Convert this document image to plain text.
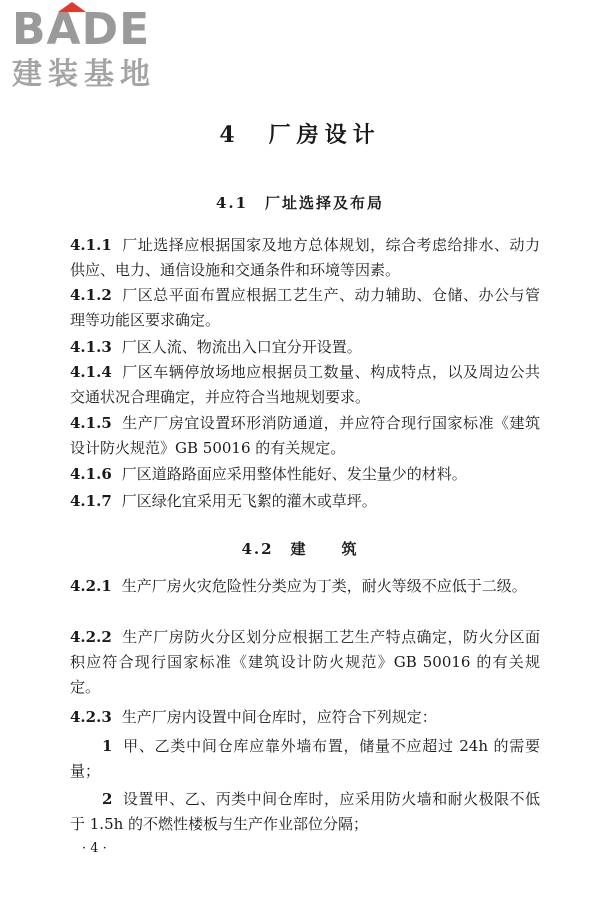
BADE
建装基地
4　厂房设计
4.1　厂址选择及布局
4.1.1 厂址选择应根据国家及地方总体规划，综合考虑给排水、动力供应、电力、通信设施和交通条件和环境等因素。
4.1.2 厂区总平面布置应根据工艺生产、动力辅助、仓储、办公与管理等功能区要求确定。
4.1.3 厂区人流、物流出入口宜分开设置。
4.1.4 厂区车辆停放场地应根据员工数量、构成特点，以及周边公共交通状况合理确定，并应符合当地规划要求。
4.1.5 生产厂房宜设置环形消防通道，并应符合现行国家标准《建筑设计防火规范》GB 50016 的有关规定。
4.1.6 厂区道路路面应采用整体性能好、发尘量少的材料。
4.1.7 厂区绿化宜采用无飞絮的灌木或草坪。
4.2　建　　筑
4.2.1 生产厂房火灾危险性分类应为丁类，耐火等级不应低于二级。
4.2.2 生产厂房防火分区划分应根据工艺生产特点确定，防火分区面积应符合现行国家标准《建筑设计防火规范》GB 50016 的有关规定。
4.2.3 生产厂房内设置中间仓库时，应符合下列规定：
1 甲、乙类中间仓库应靠外墙布置，储量不应超过 24h 的需要量；
2 设置甲、乙、丙类中间仓库时，应采用防火墙和耐火极限不低于 1.5h 的不燃性楼板与生产作业部位分隔；
· 4 ·
